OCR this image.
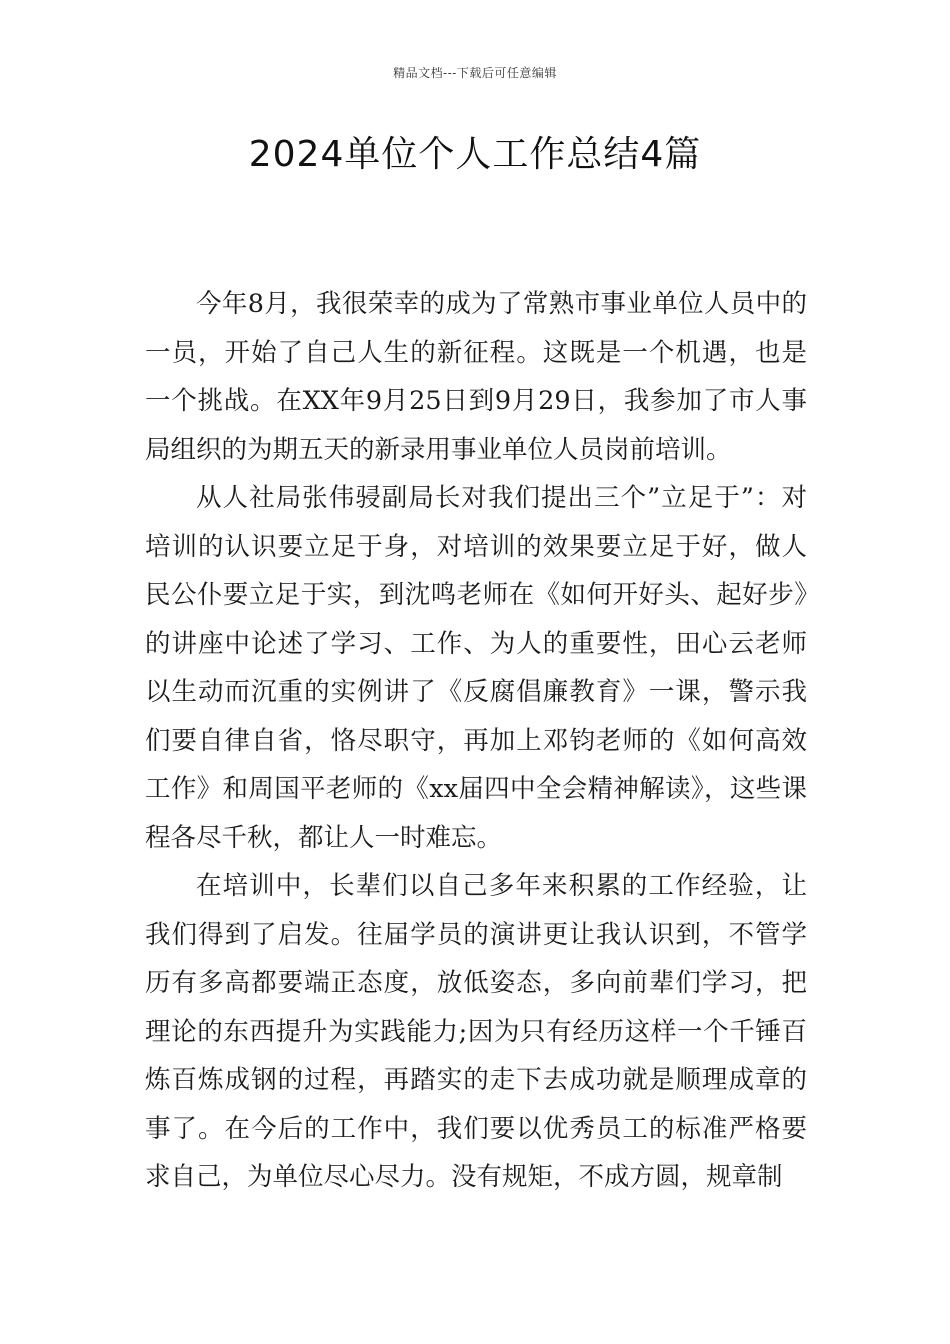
精品文档---下载后可任意编辑
2024单位个人工作总结4篇

今年8月，我很荣幸的成为了常熟市事业单位人员中的一员，开始了自己人生的新征程。这既是一个机遇，也是一个挑战。在XX年9月25日到9月29日，我参加了市人事局组织的为期五天的新录用事业单位人员岗前培训。

从人社局张伟骎副局长对我们提出三个”立足于”：对培训的认识要立足于身，对培训的效果要立足于好，做人民公仆要立足于实，到沈鸣老师在《如何开好头、起好步》的讲座中论述了学习、工作、为人的重要性，田心云老师以生动而沉重的实例讲了《反腐倡廉教育》一课，警示我们要自律自省，恪尽职守，再加上邓钧老师的《如何高效工作》和周国平老师的《xx届四中全会精神解读》，这些课程各尽千秋，都让人一时难忘。

在培训中，长辈们以自己多年来积累的工作经验，让我们得到了启发。往届学员的演讲更让我认识到，不管学历有多高都要端正态度，放低姿态，多向前辈们学习，把理论的东西提升为实践能力;因为只有经历这样一个千锤百炼百炼成钢的过程，再踏实的走下去成功就是顺理成章的事了。在今后的工作中，我们要以优秀员工的标准严格要求自己，为单位尽心尽力。没有规矩，不成方圆，规章制
